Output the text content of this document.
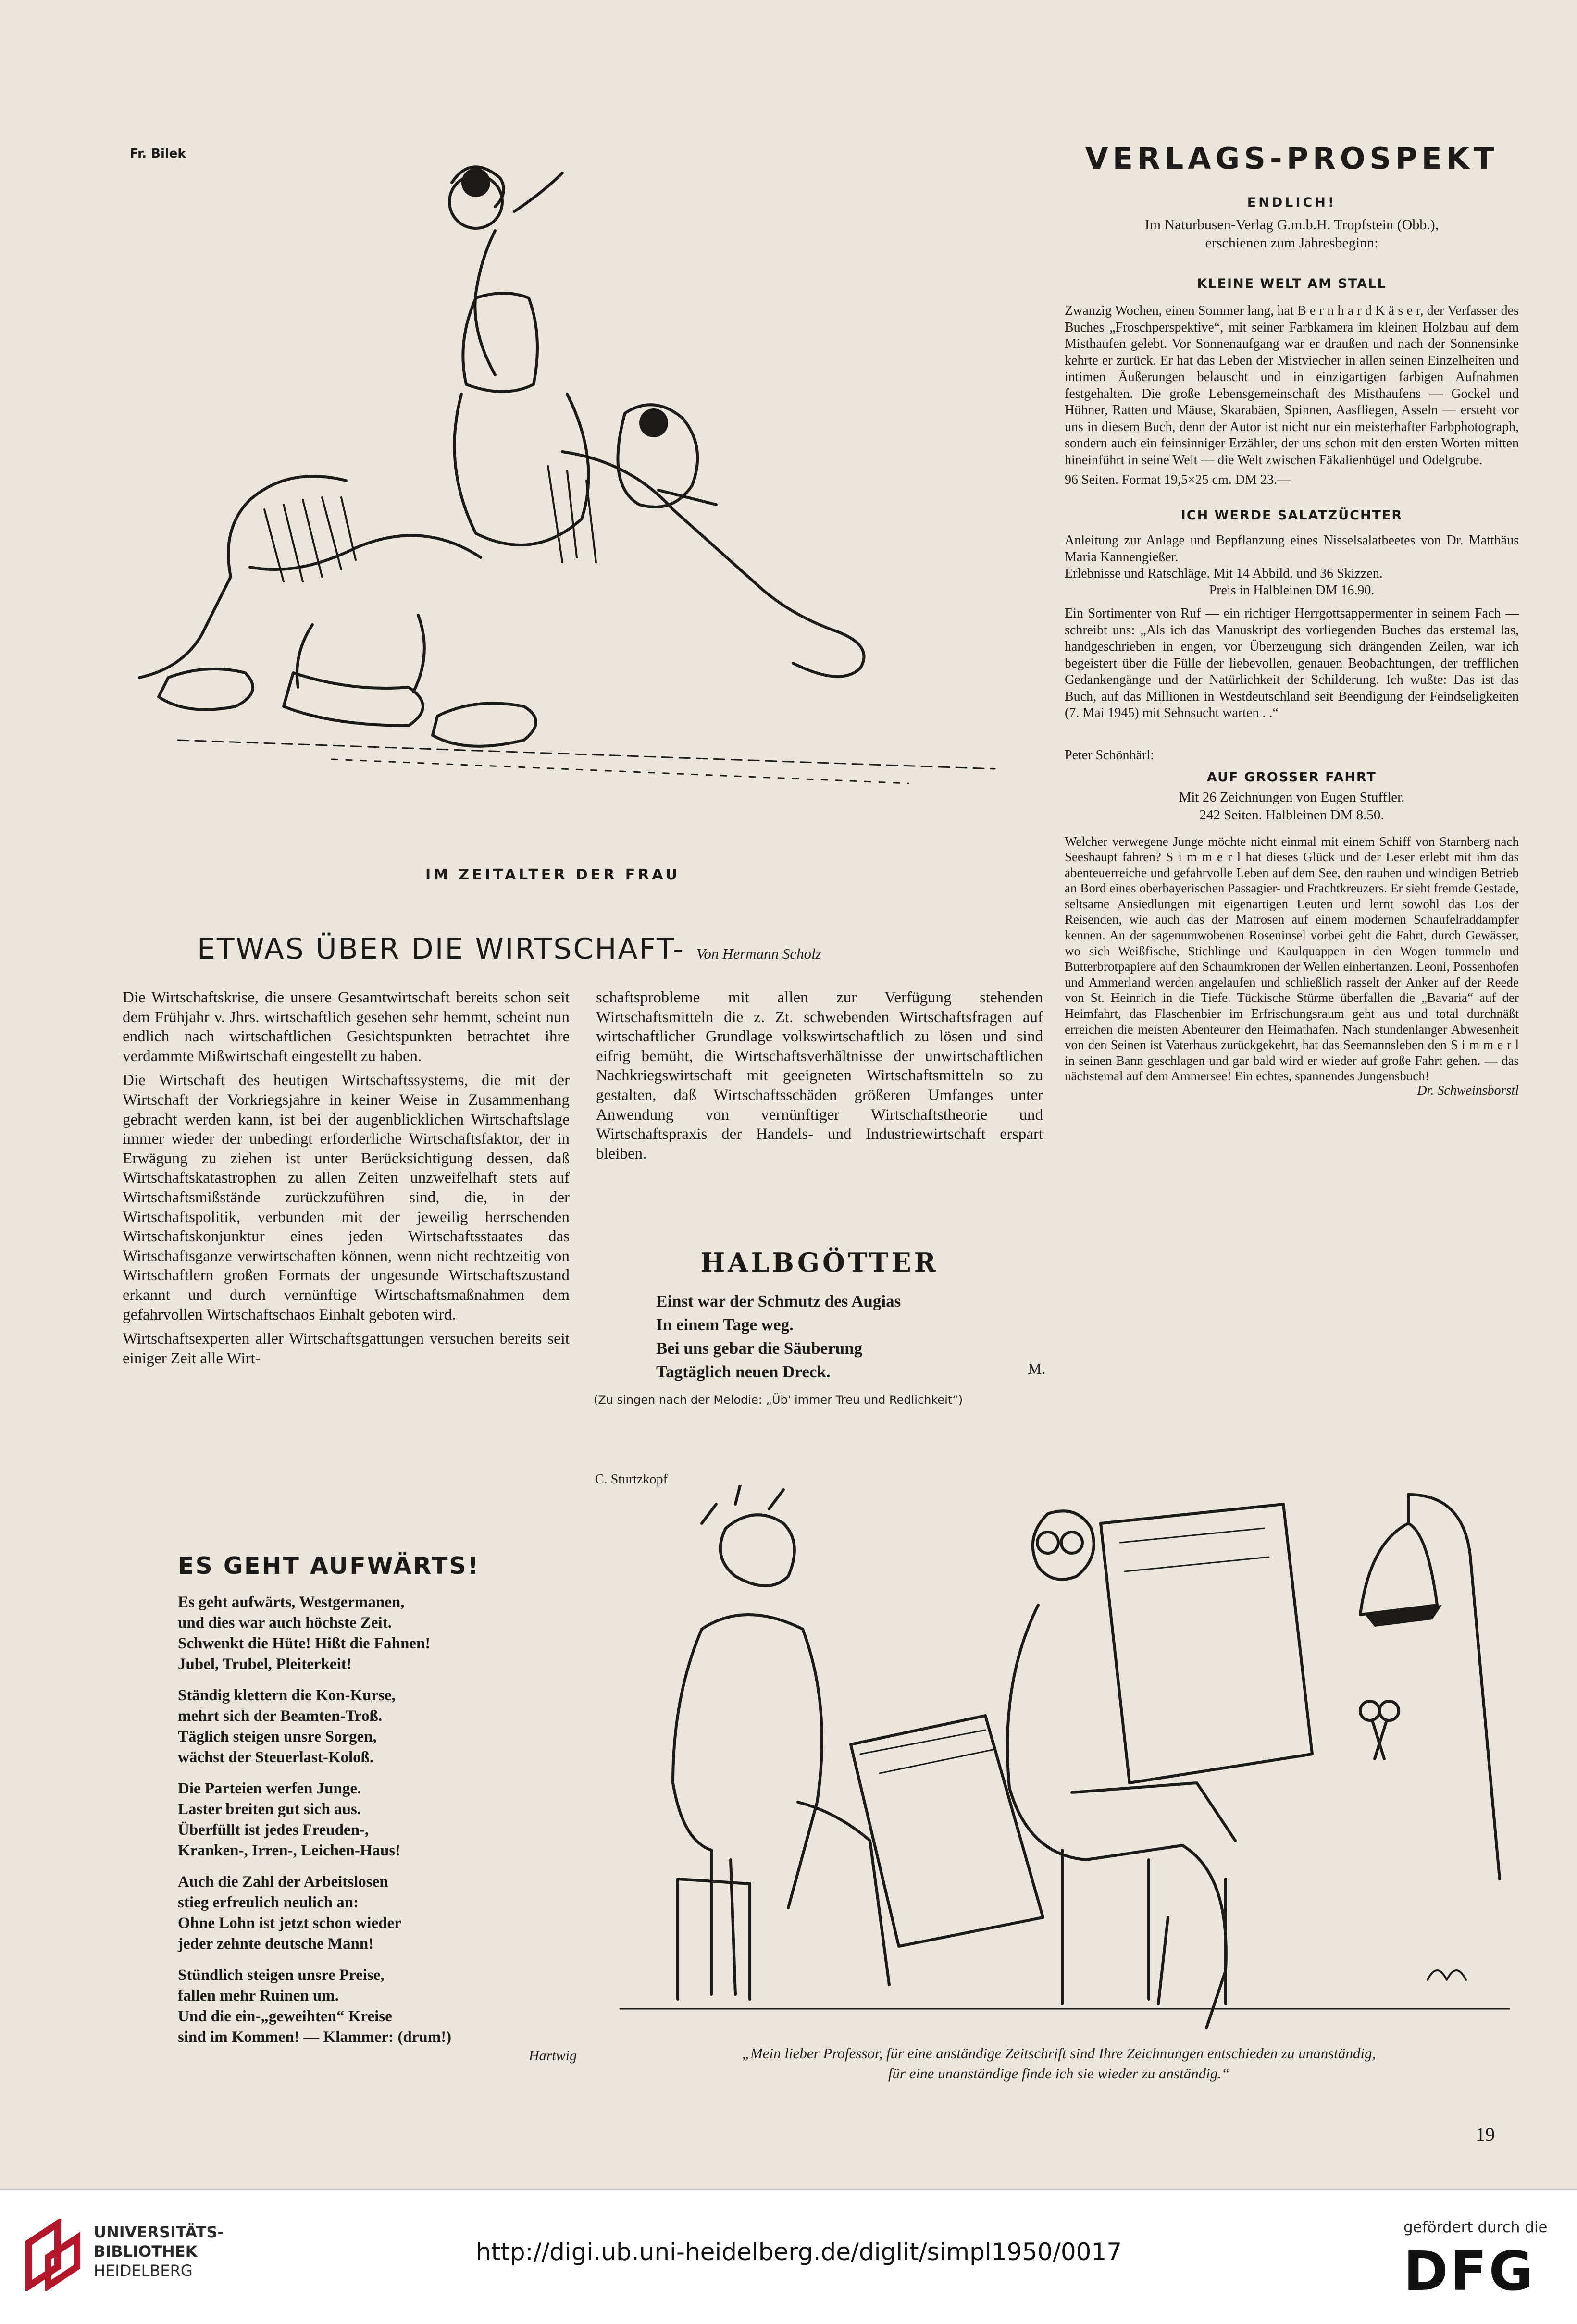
Fr. Bilek
IM ZEITALTER DER FRAU
VERLAGS-PROSPEKT
ENDLICH!
Im Naturbusen-Verlag G.m.b.H. Tropfstein (Obb.),
erschienen zum Jahresbeginn:
KLEINE WELT AM STALL

Zwanzig Wochen, einen Sommer lang, hat B e r n h a r d K ä s e r, der Verfasser des Buches „Froschperspektive“, mit seiner Farbkamera im kleinen Holzbau auf dem Misthaufen gelebt. Vor Sonnenaufgang war er draußen und nach der Sonnensinke kehrte er zurück. Er hat das Leben der Mistviecher in allen seinen Einzelheiten und intimen Äußerungen belauscht und in einzigartigen farbigen Aufnahmen festgehalten. Die große Lebensgemeinschaft des Misthaufens — Gockel und Hühner, Ratten und Mäuse, Skarabäen, Spinnen, Aasfliegen, Asseln — ersteht vor uns in diesem Buch, denn der Autor ist nicht nur ein meisterhafter Farbphotograph, sondern auch ein feinsinniger Erzähler, der uns schon mit den ersten Worten mitten hineinführt in seine Welt — die Welt zwischen Fäkalienhügel und Odelgrube.

96 Seiten. Format 19,5×25 cm. DM 23.—
ICH WERDE SALATZÜCHTER

Anleitung zur Anlage und Bepflanzung eines Nisselsalatbeetes von Dr. Matthäus Maria Kannengießer.

Erlebnisse und Ratschläge. Mit 14 Abbild. und 36 Skizzen.

Preis in Halbleinen DM 16.90.

Ein Sortimenter von Ruf — ein richtiger Herrgottsappermenter in seinem Fach — schreibt uns: „Als ich das Manuskript des vorliegenden Buches das erstemal las, handgeschrieben in engen, vor Überzeugung sich drängenden Zeilen, war ich begeistert über die Fülle der liebevollen, genauen Beobachtungen, der trefflichen Gedankengänge und der Natürlichkeit der Schilderung. Ich wußte: Das ist das Buch, auf das Millionen in Westdeutschland seit Beendigung der Feindseligkeiten (7. Mai 1945) mit Sehnsucht warten . .“

Peter Schönhärl:
AUF GROSSER FAHRT
Mit 26 Zeichnungen von Eugen Stuffler.
242 Seiten. Halbleinen DM 8.50.

Welcher verwegene Junge möchte nicht einmal mit einem Schiff von Starnberg nach Seeshaupt fahren? S i m m e r l hat dieses Glück und der Leser erlebt mit ihm das abenteuerreiche und gefahrvolle Leben auf dem See, den rauhen und windigen Betrieb an Bord eines oberbayerischen Passagier- und Frachtkreuzers. Er sieht fremde Gestade, seltsame Ansiedlungen mit eigenartigen Leuten und lernt sowohl das Los der Reisenden, wie auch das der Matrosen auf einem modernen Schaufelraddampfer kennen. An der sagenumwobenen Roseninsel vorbei geht die Fahrt, durch Gewässer, wo sich Weißfische, Stichlinge und Kaulquappen in den Wogen tummeln und Butterbrotpapiere auf den Schaumkronen der Wellen einhertanzen. Leoni, Possenhofen und Ammerland werden angelaufen und schließlich rasselt der Anker auf der Reede von St. Heinrich in die Tiefe. Tückische Stürme überfallen die „Bavaria“ auf der Heimfahrt, das Flaschenbier im Erfrischungsraum geht aus und total durchnäßt erreichen die meisten Abenteurer den Heimathafen. Nach stundenlanger Abwesenheit von den Seinen ist Vaterhaus zurückgekehrt, hat das Seemannsleben den S i m m e r l in seinen Bann geschlagen und gar bald wird er wieder auf große Fahrt gehen. — das nächstemal auf dem Ammersee! Ein echtes, spannendes Jungensbuch!

Dr. Schweinsborstl
ETWAS ÜBER DIE WIRTSCHAFT- Von Hermann Scholz

Die Wirtschaftskrise, die unsere Gesamtwirtschaft bereits schon seit dem Frühjahr v. Jhrs. wirtschaftlich gesehen sehr hemmt, scheint nun endlich nach wirtschaftlichen Gesichtspunkten betrachtet ihre verdammte Mißwirtschaft eingestellt zu haben.

Die Wirtschaft des heutigen Wirtschaftssystems, die mit der Wirtschaft der Vorkriegsjahre in keiner Weise in Zusammenhang gebracht werden kann, ist bei der augenblicklichen Wirtschaftslage immer wieder der unbedingt erforderliche Wirtschaftsfaktor, der in Erwägung zu ziehen ist unter Berücksichtigung dessen, daß Wirtschaftskatastrophen zu allen Zeiten unzweifelhaft stets auf Wirtschaftsmißstände zurückzuführen sind, die, in der Wirtschaftspolitik, verbunden mit der jeweilig herrschenden Wirtschaftskonjunktur eines jeden Wirtschaftsstaates das Wirtschaftsganze verwirtschaften können, wenn nicht rechtzeitig von Wirtschaftlern großen Formats der ungesunde Wirtschaftszustand erkannt und durch vernünftige Wirtschaftsmaßnahmen dem gefahrvollen Wirtschaftschaos Einhalt geboten wird.

Wirtschaftsexperten aller Wirtschaftsgattungen versuchen bereits seit einiger Zeit alle Wirt-

schaftsprobleme mit allen zur Verfügung stehenden Wirtschaftsmitteln die z. Zt. schwebenden Wirtschaftsfragen auf wirtschaftlicher Grundlage volkswirtschaftlich zu lösen und sind eifrig bemüht, die Wirtschaftsverhältnisse der unwirtschaftlichen Nachkriegswirtschaft mit geeigneten Wirtschaftsmitteln so zu gestalten, daß Wirtschaftsschäden größeren Umfanges unter Anwendung von vernünftiger Wirtschaftstheorie und Wirtschaftspraxis der Handels- und Industriewirtschaft erspart bleiben.

HALBGÖTTER
Einst war der Schmutz des Augias
In einem Tage weg.
Bei uns gebar die Säuberung
Tagtäglich neuen Dreck.	M.
(Zu singen nach der Melodie: „Üb' immer Treu und Redlichkeit“)
C. Sturtzkopf
ES GEHT AUFWÄRTS!
Es geht aufwärts, Westgermanen,
und dies war auch höchste Zeit.
Schwenkt die Hüte! Hißt die Fahnen!
Jubel, Trubel, Pleiterkeit!
Ständig klettern die Kon-Kurse,
mehrt sich der Beamten-Troß.
Täglich steigen unsre Sorgen,
wächst der Steuerlast-Koloß.
Die Parteien werfen Junge.
Laster breiten gut sich aus.
Überfüllt ist jedes Freuden-,
Kranken-, Irren-, Leichen-Haus!
Auch die Zahl der Arbeitslosen
stieg erfreulich neulich an:
Ohne Lohn ist jetzt schon wieder
jeder zehnte deutsche Mann!
Stündlich steigen unsre Preise,
fallen mehr Ruinen um.
Und die ein-„geweihten“ Kreise
sind im Kommen! — Klammer: (drum!)
Hartwig	„Mein lieber Professor, für eine anständige Zeitschrift sind Ihre Zeichnungen entschieden zu unanständig,
für eine unanständige finde ich sie wieder zu anständig.“
19
UNIVERSITÄTS-
BIBLIOTHEK
HEIDELBERG
http://digi.ub.uni-heidelberg.de/diglit/simpl1950/0017
gefördert durch die
DFG
